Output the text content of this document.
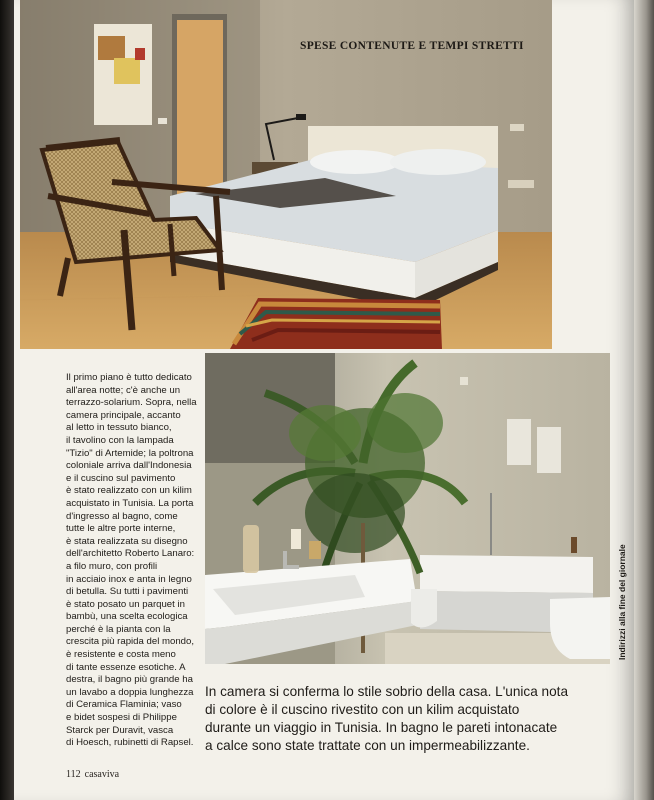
SPESE CONTENUTE E TEMPI STRETTI
Indirizzi alla fine del giornale
Il primo piano è tutto dedicato
all'area notte; c'è anche un
terrazzo-solarium. Sopra, nella
camera principale, accanto
al letto in tessuto bianco,
il tavolino con la lampada
"Tizio" di Artemide; la poltrona
coloniale arriva dall'Indonesia
e il cuscino sul pavimento
è stato realizzato con un kilim
acquistato in Tunisia. La porta
d'ingresso al bagno, come
tutte le altre porte interne,
è stata realizzata su disegno
dell'architetto Roberto Lanaro:
a filo muro, con profili
in acciaio inox e anta in legno
di betulla. Su tutti i pavimenti
è stato posato un parquet in
bambù, una scelta ecologica
perché è la pianta con la
crescita più rapida del mondo,
è resistente e costa meno
di tante essenze esotiche. A
destra, il bagno più grande ha
un lavabo a doppia lunghezza
di Ceramica Flaminia; vaso
e bidet sospesi di Philippe
Starck per Duravit, vasca
di Hoesch, rubinetti di Rapsel.
In camera si conferma lo stile sobrio della casa. L'unica nota
di colore è il cuscino rivestito con un kilim acquistato
durante un viaggio in Tunisia. In bagno le pareti intonacate
a calce sono state trattate con un impermeabilizzante.
112 casaviva
